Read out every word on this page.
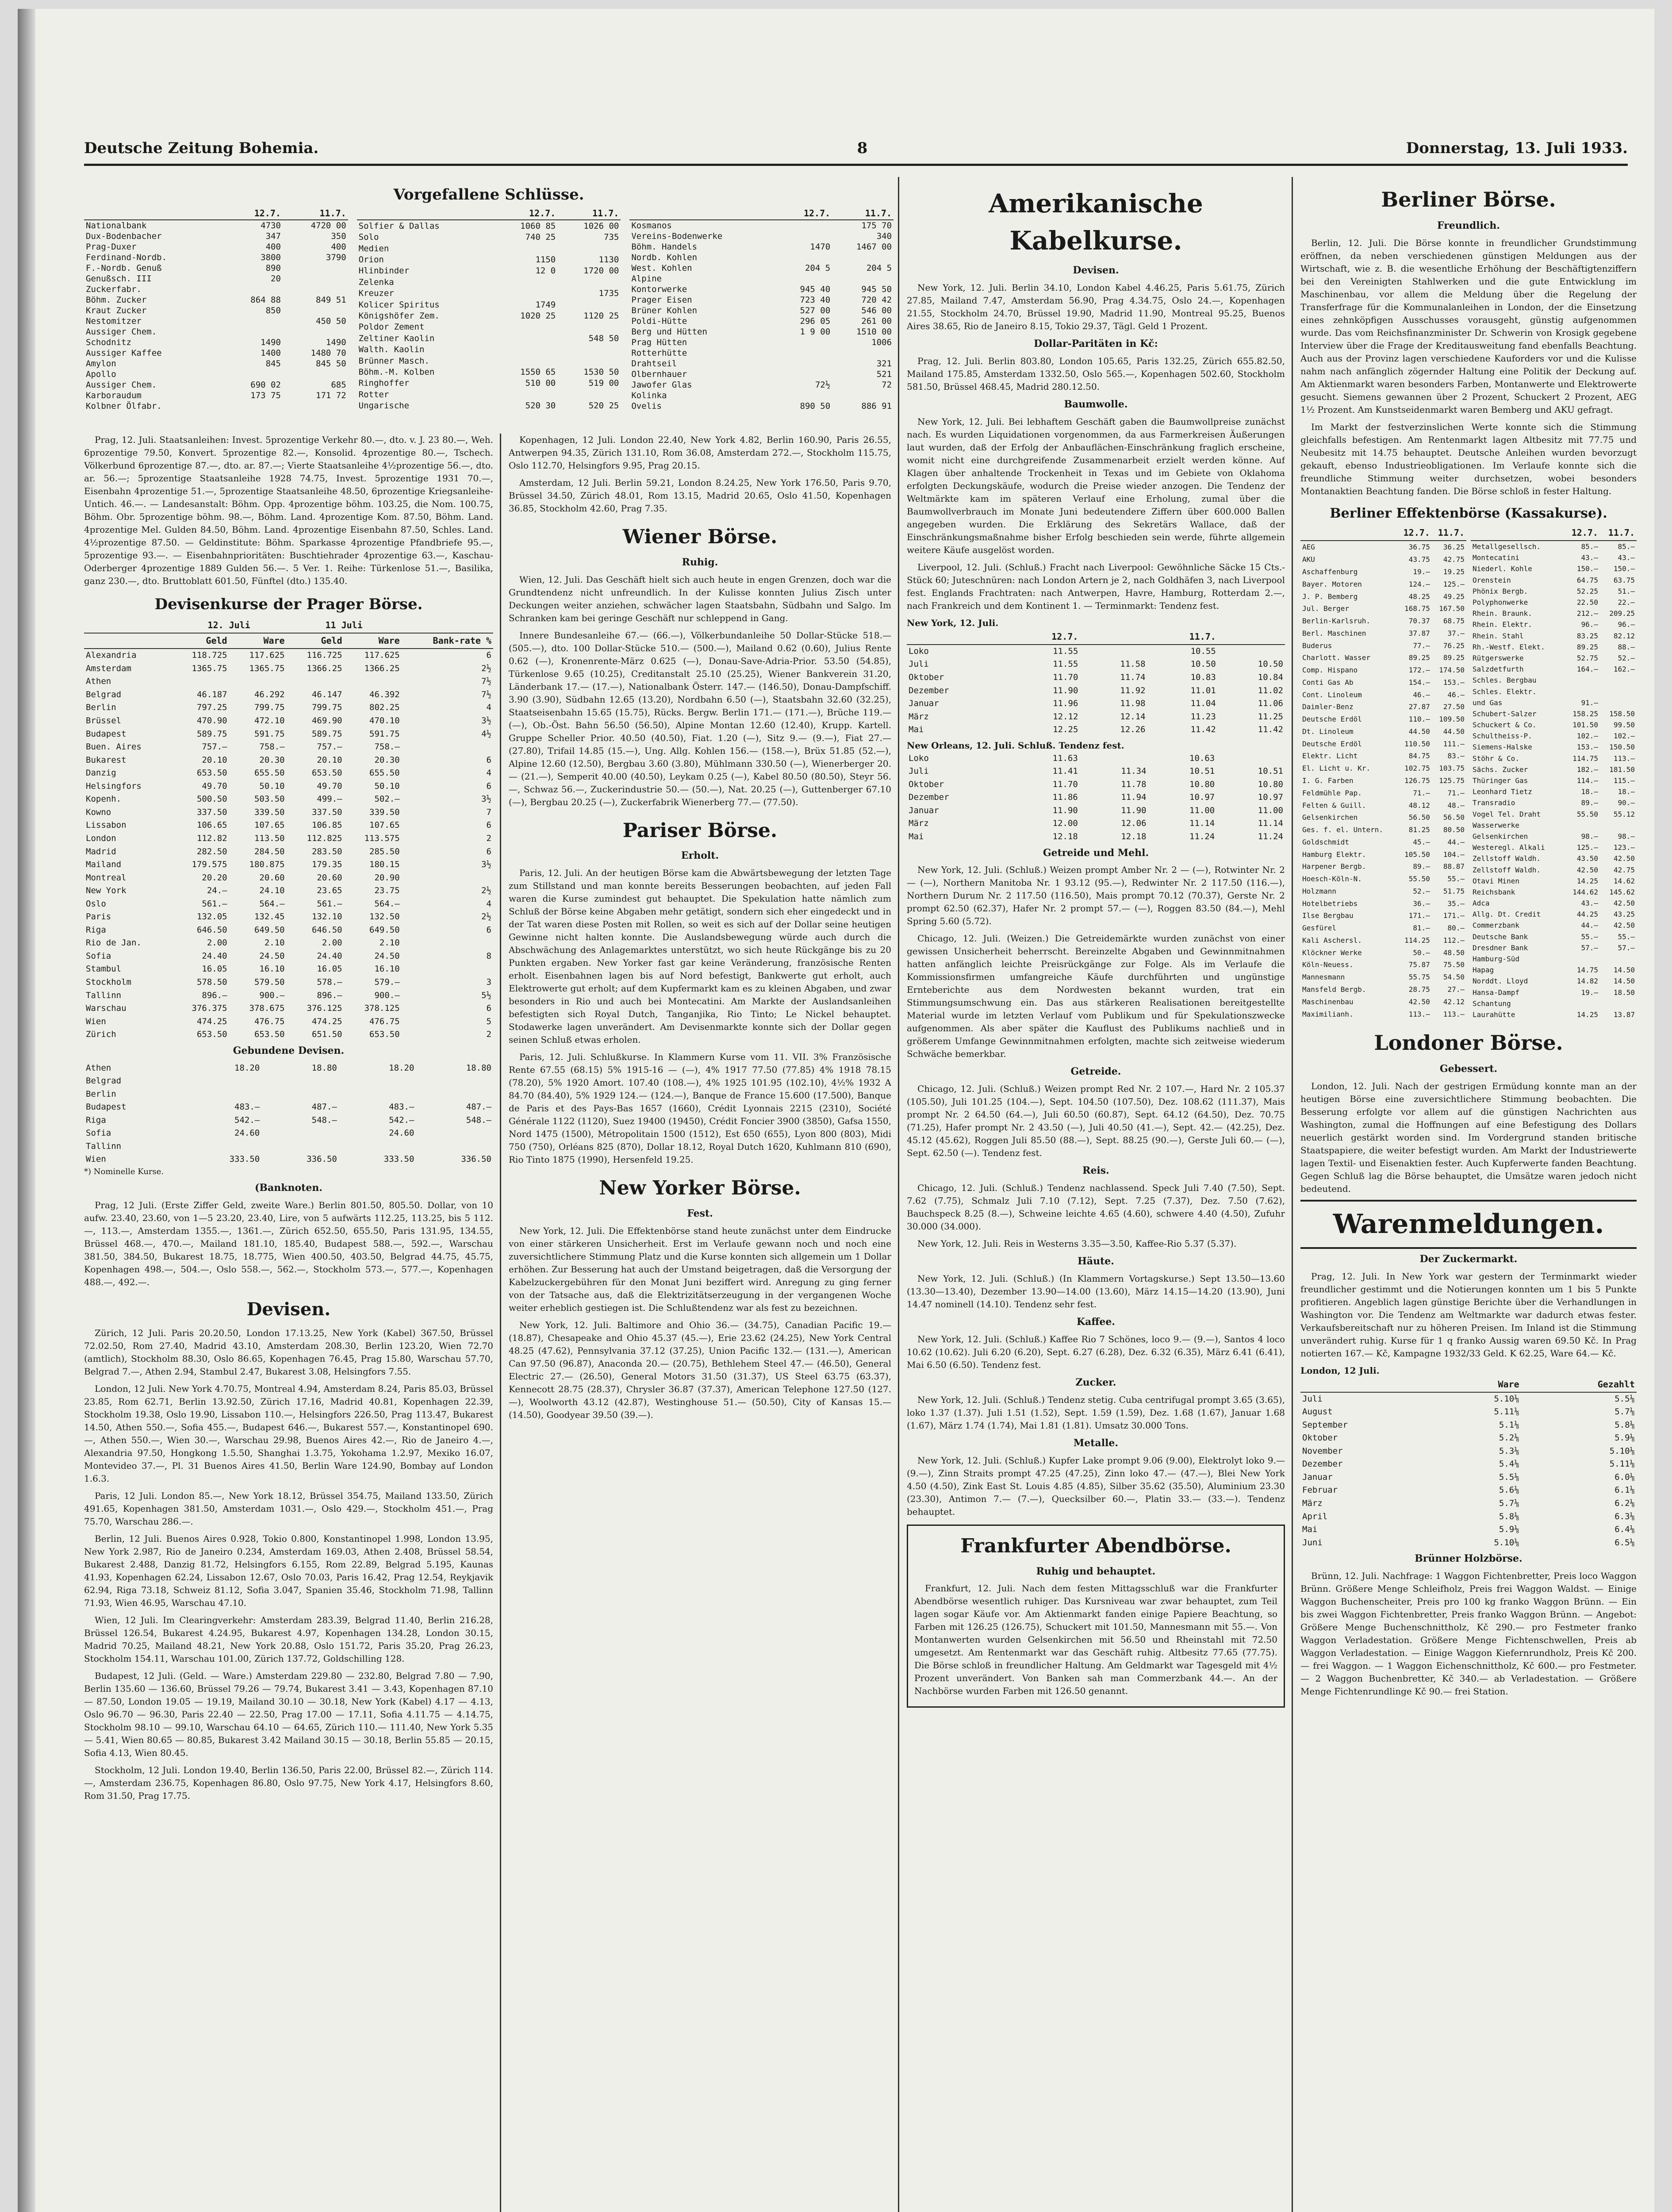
Deutsche Zeitung Bohemia.	8	Donnerstag, 13. Juli 1933.
Vorgefallene Schlüsse.
	12.7.	11.7.
Nationalbank	4730	4720 00
Dux-Bodenbacher	347	350
Prag-Duxer	400	400
Ferdinand-Nordb.	3800	3790
F.-Nordb. Genuß	890	
Genußsch. III	20	
Zuckerfabr.		
Böhm. Zucker	864 88	849 51
Kraut Zucker	850	
Nestomitzer		450 50
Aussiger Chem.		
Schodnitz	1490	1490
Aussiger Kaffee	1400	1480 70
Amylon	845	845 50
Apollo		
Aussiger Chem.	690 02	685
Karboraudum	173 75	171 72
Kolbner Ölfabr.		
	12.7.	11.7.
Solfier & Dallas	1060 85	1026 00
Solo	740 25	735
Medien		
Orion	1150	1130
Hlinbinder	12 0	1720 00
Zelenka		
Kreuzer		1735
Kolicer Spiritus	1749	
Königshöfer Zem.	1020 25	1120 25
Poldor Zement		
Zeltiner Kaolin		548 50
Walth. Kaolin		
Brünner Masch.		
Böhm.-M. Kolben	1550 65	1530 50
Ringhoffer	510 00	519 00
Rotter		
Ungarische	520 30	520 25
	12.7.	11.7.
Kosmanos		175 70
Vereins-Bodenwerke		340
Böhm. Handels	1470	1467 00
Nordb. Kohlen		
West. Kohlen	204 5	204 5
Alpine		
Kontorwerke	945 40	945 50
Prager Eisen	723 40	720 42
Brüner Kohlen	527 00	546 00
Poldi-Hütte	296 05	261 00
Berg und Hütten	1 9 00	1510 00
Prag Hütten		1006
Rotterhütte		
Drahtseil		321
Olbernhauer		521
Jawofer Glas	72½	72
Kolinka		
Ovelis	890 50	886 91

Prag, 12. Juli. Staatsanleihen: Invest. 5prozentige Verkehr 80.—, dto. v. J. 23 80.—, Weh. 6prozentige 79.50, Konvert. 5prozentige 82.—, Konsolid. 4prozentige 80.—, Tschech. Völkerbund 6prozentige 87.—, dto. ar. 87.—; Vierte Staatsanleihe 4½prozentige 56.—, dto. ar. 56.—; 5prozentige Staatsanleihe 1928 74.75, Invest. 5prozentige 1931 70.—, Eisenbahn 4prozentige 51.—, 5prozentige Staatsanleihe 48.50, 6prozentige Kriegsanleihe-Untich. 46.—. — Landesanstalt: Böhm. Opp. 4prozentige böhm. 103.25, die Nom. 100.75, Böhm. Obr. 5prozentige böhm. 98.—, Böhm. Land. 4prozentige Kom. 87.50, Böhm. Land. 4prozentige Mel. Gulden 84.50, Böhm. Land. 4prozentige Eisenbahn 87.50, Schles. Land. 4½prozentige 87.50. — Geldinstitute: Böhm. Sparkasse 4prozentige Pfandbriefe 95.—, 5prozentige 93.—. — Eisenbahnprioritäten: Buschtiehrader 4prozentige 63.—, Kaschau-Oderberger 4prozentige 1889 Gulden 56.—. 5 Ver. 1. Reihe: Türkenlose 51.—, Basilika, ganz 230.—, dto. Bruttoblatt 601.50, Fünftel (dto.) 135.40.

Devisenkurse der Prager Börse.
	12. Juli		11 Juli		
	Geld	Ware	Geld	Ware	Bank-rate %
Alexandria	118.725	117.625	116.725	117.625	6
Amsterdam	1365.75	1365.75	1366.25	1366.25	2½
Athen					7½
Belgrad	46.187	46.292	46.147	46.392	7½
Berlin	797.25	799.75	799.75	802.25	4
Brüssel	470.90	472.10	469.90	470.10	3½
Budapest	589.75	591.75	589.75	591.75	4½
Buen. Aires	757.—	758.—	757.—	758.—	
Bukarest	20.10	20.30	20.10	20.30	6
Danzig	653.50	655.50	653.50	655.50	4
Helsingfors	49.70	50.10	49.70	50.10	6
Kopenh.	500.50	503.50	499.—	502.—	3½
Kowno	337.50	339.50	337.50	339.50	7
Lissabon	106.65	107.65	106.85	107.65	6
London	112.82	113.50	112.825	113.575	2
Madrid	282.50	284.50	283.50	285.50	6
Mailand	179.575	180.875	179.35	180.15	3½
Montreal	20.20	20.60	20.60	20.90	
New York	24.—	24.10	23.65	23.75	2½
Oslo	561.—	564.—	561.—	564.—	4
Paris	132.05	132.45	132.10	132.50	2½
Riga	646.50	649.50	646.50	649.50	6
Rio de Jan.	2.00	2.10	2.00	2.10	
Sofia	24.40	24.50	24.40	24.50	8
Stambul	16.05	16.10	16.05	16.10	
Stockholm	578.50	579.50	578.—	579.—	3
Tallinn	896.—	900.—	896.—	900.—	5½
Warschau	376.375	378.675	376.125	378.125	6
Wien	474.25	476.75	474.25	476.75	5
Zürich	653.50	653.50	651.50	653.50	2
Gebundene Devisen.
Athen	18.20	18.80	18.20	18.80
Belgrad				
Berlin				
Budapest	483.—	487.—	483.—	487.—
Riga	542.—	548.—	542.—	548.—
Sofia	24.60		24.60	
Tallinn				
Wien	333.50	336.50	333.50	336.50
*) Nominelle Kurse.
(Banknoten.

Prag, 12 Juli. (Erste Ziffer Geld, zweite Ware.) Berlin 801.50, 805.50. Dollar, von 10 aufw. 23.40, 23.60, von 1—5 23.20, 23.40, Lire, von 5 aufwärts 112.25, 113.25, bis 5 112.—, 113.—, Amsterdam 1355.—, 1361.—, Zürich 652.50, 655.50, Paris 131.95, 134.55, Brüssel 468.—, 470.—, Mailand 181.10, 185.40, Budapest 588.—, 592.—, Warschau 381.50, 384.50, Bukarest 18.75, 18.775, Wien 400.50, 403.50, Belgrad 44.75, 45.75, Kopenhagen 498.—, 504.—, Oslo 558.—, 562.—, Stockholm 573.—, 577.—, Kopenhagen 488.—, 492.—.

Devisen.

Zürich, 12 Juli. Paris 20.20.50, London 17.13.25, New York (Kabel) 367.50, Brüssel 72.02.50, Rom 27.40, Madrid 43.10, Amsterdam 208.30, Berlin 123.20, Wien 72.70 (amtlich), Stockholm 88.30, Oslo 86.65, Kopenhagen 76.45, Prag 15.80, Warschau 57.70, Belgrad 7.—, Athen 2.94, Stambul 2.47, Bukarest 3.08, Helsingfors 7.55.

London, 12 Juli. New York 4.70.75, Montreal 4.94, Amsterdam 8.24, Paris 85.03, Brüssel 23.85, Rom 62.71, Berlin 13.92.50, Zürich 17.16, Madrid 40.81, Kopenhagen 22.39, Stockholm 19.38, Oslo 19.90, Lissabon 110.—, Helsingfors 226.50, Prag 113.47, Bukarest 14.50, Athen 550.—, Sofia 455.—, Budapest 646.—, Bukarest 557.—, Konstantinopel 690.—, Athen 550.—, Wien 30.—, Warschau 29.98, Buenos Aires 42.—, Rio de Janeiro 4.—, Alexandria 97.50, Hongkong 1.5.50, Shanghai 1.3.75, Yokohama 1.2.97, Mexiko 16.07, Montevideo 37.—, Pl. 31 Buenos Aires 41.50, Berlin Ware 124.90, Bombay auf London 1.6.3.

Paris, 12 Juli. London 85.—, New York 18.12, Brüssel 354.75, Mailand 133.50, Zürich 491.65, Kopenhagen 381.50, Amsterdam 1031.—, Oslo 429.—, Stockholm 451.—, Prag 75.70, Warschau 286.—.

Berlin, 12 Juli. Buenos Aires 0.928, Tokio 0.800, Konstantinopel 1.998, London 13.95, New York 2.987, Rio de Janeiro 0.234, Amsterdam 169.03, Athen 2.408, Brüssel 58.54, Bukarest 2.488, Danzig 81.72, Helsingfors 6.155, Rom 22.89, Belgrad 5.195, Kaunas 41.93, Kopenhagen 62.24, Lissabon 12.67, Oslo 70.03, Paris 16.42, Prag 12.54, Reykjavik 62.94, Riga 73.18, Schweiz 81.12, Sofia 3.047, Spanien 35.46, Stockholm 71.98, Tallinn 71.93, Wien 46.95, Warschau 47.10.

Wien, 12 Juli. Im Clearingverkehr: Amsterdam 283.39, Belgrad 11.40, Berlin 216.28, Brüssel 126.54, Bukarest 4.24.95, Bukarest 4.97, Kopenhagen 134.28, London 30.15, Madrid 70.25, Mailand 48.21, New York 20.88, Oslo 151.72, Paris 35.20, Prag 26.23, Stockholm 154.11, Warschau 101.00, Zürich 137.72, Goldschilling 128.

Budapest, 12 Juli. (Geld. — Ware.) Amsterdam 229.80 — 232.80, Belgrad 7.80 — 7.90, Berlin 135.60 — 136.60, Brüssel 79.26 — 79.74, Bukarest 3.41 — 3.43, Kopenhagen 87.10 — 87.50, London 19.05 — 19.19, Mailand 30.10 — 30.18, New York (Kabel) 4.17 — 4.13, Oslo 96.70 — 96.30, Paris 22.40 — 22.50, Prag 17.00 — 17.11, Sofia 4.11.75 — 4.14.75, Stockholm 98.10 — 99.10, Warschau 64.10 — 64.65, Zürich 110.— 111.40, New York 5.35 — 5.41, Wien 80.65 — 80.85, Bukarest 3.42 Mailand 30.15 — 30.18, Berlin 55.85 — 20.15, Sofia 4.13, Wien 80.45.

Stockholm, 12 Juli. London 19.40, Berlin 136.50, Paris 22.00, Brüssel 82.—, Zürich 114.—, Amsterdam 236.75, Kopenhagen 86.80, Oslo 97.75, New York 4.17, Helsingfors 8.60, Rom 31.50, Prag 17.75.

Kopenhagen, 12 Juli. London 22.40, New York 4.82, Berlin 160.90, Paris 26.55, Antwerpen 94.35, Zürich 131.10, Rom 36.08, Amsterdam 272.—, Stockholm 115.75, Oslo 112.70, Helsingfors 9.95, Prag 20.15.

Amsterdam, 12 Juli. Berlin 59.21, London 8.24.25, New York 176.50, Paris 9.70, Brüssel 34.50, Zürich 48.01, Rom 13.15, Madrid 20.65, Oslo 41.50, Kopenhagen 36.85, Stockholm 42.60, Prag 7.35.

Wiener Börse.
Ruhig.

Wien, 12. Juli. Das Geschäft hielt sich auch heute in engen Grenzen, doch war die Grundtendenz nicht unfreundlich. In der Kulisse konnten Julius Zisch unter Deckungen weiter anziehen, schwächer lagen Staatsbahn, Südbahn und Salgo. Im Schranken kam bei geringe Geschäft nur schleppend in Gang.

Innere Bundesanleihe 67.— (66.—), Völkerbundanleihe 50 Dollar-Stücke 518.— (505.—), dto. 100 Dollar-Stücke 510.— (500.—), Mailand 0.62 (0.60), Julius Rente 0.62 (—), Kronenrente-März 0.625 (—), Donau-Save-Adria-Prior. 53.50 (54.85), Türkenlose 9.65 (10.25), Creditanstalt 25.10 (25.25), Wiener Bankverein 31.20, Länderbank 17.— (17.—), Nationalbank Österr. 147.— (146.50), Donau-Dampfschiff. 3.90 (3.90), Südbahn 12.65 (13.20), Nordbahn 6.50 (—), Staatsbahn 32.60 (32.25), Staatseisenbahn 15.65 (15.75), Rücks. Bergw. Berlin 171.— (171.—), Brüche 119.— (—), Ob.-Öst. Bahn 56.50 (56.50), Alpine Montan 12.60 (12.40), Krupp. Kartell. Gruppe Scheller Prior. 40.50 (40.50), Fiat. 1.20 (—), Sitz 9.— (9.—), Fiat 27.— (27.80), Trifail 14.85 (15.—), Ung. Allg. Kohlen 156.— (158.—), Brüx 51.85 (52.—), Alpine 12.60 (12.50), Bergbau 3.60 (3.80), Mühlmann 330.50 (—), Wienerberger 20.— (21.—), Semperit 40.00 (40.50), Leykam 0.25 (—), Kabel 80.50 (80.50), Steyr 56.—, Schwaz 56.—, Zuckerindustrie 50.— (50.—), Nat. 20.25 (—), Guttenberger 67.10 (—), Bergbau 20.25 (—), Zuckerfabrik Wienerberg 77.— (77.50).

Pariser Börse.
Erholt.

Paris, 12. Juli. An der heutigen Börse kam die Abwärtsbewegung der letzten Tage zum Stillstand und man konnte bereits Besserungen beobachten, auf jeden Fall waren die Kurse zumindest gut behauptet. Die Spekulation hatte nämlich zum Schluß der Börse keine Abgaben mehr getätigt, sondern sich eher eingedeckt und in der Tat waren diese Posten mit Rollen, so weit es sich auf der Dollar seine heutigen Gewinne nicht halten konnte. Die Auslandsbewegung würde auch durch die Abschwächung des Anlagemarktes unterstützt, wo sich heute Rückgänge bis zu 20 Punkten ergaben. New Yorker fast gar keine Veränderung, französische Renten erholt. Eisenbahnen lagen bis auf Nord befestigt, Bankwerte gut erholt, auch Elektrowerte gut erholt; auf dem Kupfermarkt kam es zu kleinen Abgaben, und zwar besonders in Rio und auch bei Montecatini. Am Markte der Auslandsanleihen befestigten sich Royal Dutch, Tanganjika, Rio Tinto; Le Nickel behauptet. Stodawerke lagen unverändert. Am Devisenmarkte konnte sich der Dollar gegen seinen Schluß etwas erholen.

Paris, 12. Juli. Schlußkurse. In Klammern Kurse vom 11. VII. 3% Französische Rente 67.55 (68.15) 5% 1915-16 — (—), 4% 1917 77.50 (77.85) 4% 1918 78.15 (78.20), 5% 1920 Amort. 107.40 (108.—), 4% 1925 101.95 (102.10), 4½% 1932 A 84.70 (84.40), 5% 1929 124.— (124.—), Banque de France 15.600 (17.500), Banque de Paris et des Pays-Bas 1657 (1660), Crédit Lyonnais 2215 (2310), Société Générale 1122 (1120), Suez 19400 (19450), Crédit Foncier 3900 (3850), Gafsa 1550, Nord 1475 (1500), Métropolitain 1500 (1512), Est 650 (655), Lyon 800 (803), Midi 750 (750), Orléans 825 (870), Dollar 18.12, Royal Dutch 1620, Kuhlmann 810 (690), Rio Tinto 1875 (1990), Hersenfeld 19.25.

New Yorker Börse.
Fest.

New York, 12. Juli. Die Effektenbörse stand heute zunächst unter dem Eindrucke von einer stärkeren Unsicherheit. Erst im Verlaufe gewann noch und noch eine zuversichtlichere Stimmung Platz und die Kurse konnten sich allgemein um 1 Dollar erhöhen. Zur Besserung hat auch der Umstand beigetragen, daß die Versorgung der Kabelzuckergebühren für den Monat Juni beziffert wird. Anregung zu ging ferner von der Tatsache aus, daß die Elektrizitätserzeugung in der vergangenen Woche weiter erheblich gestiegen ist. Die Schlußtendenz war als fest zu bezeichnen.

New York, 12. Juli. Baltimore and Ohio 36.— (34.75), Canadian Pacific 19.— (18.87), Chesapeake and Ohio 45.37 (45.—), Erie 23.62 (24.25), New York Central 48.25 (47.62), Pennsylvania 37.12 (37.25), Union Pacific 132.— (131.—), American Can 97.50 (96.87), Anaconda 20.— (20.75), Bethlehem Steel 47.— (46.50), General Electric 27.— (26.50), General Motors 31.50 (31.37), US Steel 63.75 (63.37), Kennecott 28.75 (28.37), Chrysler 36.87 (37.37), American Telephone 127.50 (127.—), Woolworth 43.12 (42.87), Westinghouse 51.— (50.50), City of Kansas 15.— (14.50), Goodyear 39.50 (39.—).

Amerikanische Kabelkurse.
Devisen.

New York, 12. Juli. Berlin 34.10, London Kabel 4.46.25, Paris 5.61.75, Zürich 27.85, Mailand 7.47, Amsterdam 56.90, Prag 4.34.75, Oslo 24.—, Kopenhagen 21.55, Stockholm 24.70, Brüssel 19.90, Madrid 11.90, Montreal 95.25, Buenos Aires 38.65, Rio de Janeiro 8.15, Tokio 29.37, Tägl. Geld 1 Prozent.

Dollar-Paritäten in Kč:

Prag, 12. Juli. Berlin 803.80, London 105.65, Paris 132.25, Zürich 655.82.50, Mailand 175.85, Amsterdam 1332.50, Oslo 565.—, Kopenhagen 502.60, Stockholm 581.50, Brüssel 468.45, Madrid 280.12.50.

Baumwolle.

New York, 12. Juli. Bei lebhaftem Geschäft gaben die Baumwollpreise zunächst nach. Es wurden Liquidationen vorgenommen, da aus Farmerkreisen Äußerungen laut wurden, daß der Erfolg der Anbauflächen-Einschränkung fraglich erscheine, womit nicht eine durchgreifende Zusammenarbeit erzielt werden könne. Auf Klagen über anhaltende Trockenheit in Texas und im Gebiete von Oklahoma erfolgten Deckungskäufe, wodurch die Preise wieder anzogen. Die Tendenz der Weltmärkte kam im späteren Verlauf eine Erholung, zumal über die Baumwollverbrauch im Monate Juni bedeutendere Ziffern über 600.000 Ballen angegeben wurden. Die Erklärung des Sekretärs Wallace, daß der Einschränkungsmaßnahme bisher Erfolg beschieden sein werde, führte allgemein weitere Käufe ausgelöst worden.

Liverpool, 12. Juli. (Schluß.) Fracht nach Liverpool: Gewöhnliche Säcke 15 Cts.-Stück 60; Juteschnüren: nach London Artern je 2, nach Goldhäfen 3, nach Liverpool fest. Englands Frachtraten: nach Antwerpen, Havre, Hamburg, Rotterdam 2.—, nach Frankreich und dem Kontinent 1. — Terminmarkt: Tendenz fest.

New York, 12. Juli.
	12.7.		11.7.	
Loko	11.55		10.55	
Juli	11.55	11.58	10.50	10.50
Oktober	11.70	11.74	10.83	10.84
Dezember	11.90	11.92	11.01	11.02
Januar	11.96	11.98	11.04	11.06
März	12.12	12.14	11.23	11.25
Mai	12.25	12.26	11.42	11.42
New Orleans, 12. Juli. Schluß. Tendenz fest.
Loko	11.63		10.63	
Juli	11.41	11.34	10.51	10.51
Oktober	11.70	11.78	10.80	10.80
Dezember	11.86	11.94	10.97	10.97
Januar	11.90	11.90	11.00	11.00
März	12.00	12.06	11.14	11.14
Mai	12.18	12.18	11.24	11.24
Getreide und Mehl.

New York, 12. Juli. (Schluß.) Weizen prompt Amber Nr. 2 — (—), Rotwinter Nr. 2 — (—), Northern Manitoba Nr. 1 93.12 (95.—), Redwinter Nr. 2 117.50 (116.—), Northern Durum Nr. 2 117.50 (116.50), Mais prompt 70.12 (70.37), Gerste Nr. 2 prompt 62.50 (62.37), Hafer Nr. 2 prompt 57.— (—), Roggen 83.50 (84.—), Mehl Spring 5.60 (5.72).

Chicago, 12. Juli. (Weizen.) Die Getreidemärkte wurden zunächst von einer gewissen Unsicherheit beherrscht. Bereinzelte Abgaben und Gewinnmitnahmen hatten anfänglich leichte Preisrückgänge zur Folge. Als im Verlaufe die Kommissionsfirmen umfangreiche Käufe durchführten und ungünstige Ernteberichte aus dem Nordwesten bekannt wurden, trat ein Stimmungsumschwung ein. Das aus stärkeren Realisationen bereitgestellte Material wurde im letzten Verlauf vom Publikum und für Spekulationszwecke aufgenommen. Als aber später die Kauflust des Publikums nachließ und in größerem Umfange Gewinnmitnahmen erfolgten, machte sich zeitweise wiederum Schwäche bemerkbar.

Getreide.

Chicago, 12. Juli. (Schluß.) Weizen prompt Red Nr. 2 107.—, Hard Nr. 2 105.37 (105.50), Juli 101.25 (104.—), Sept. 104.50 (107.50), Dez. 108.62 (111.37), Mais prompt Nr. 2 64.50 (64.—), Juli 60.50 (60.87), Sept. 64.12 (64.50), Dez. 70.75 (71.25), Hafer prompt Nr. 2 43.50 (—), Juli 40.50 (41.—), Sept. 42.— (42.25), Dez. 45.12 (45.62), Roggen Juli 85.50 (88.—), Sept. 88.25 (90.—), Gerste Juli 60.— (—), Sept. 62.50 (—). Tendenz fest.

Reis.

Chicago, 12. Juli. (Schluß.) Tendenz nachlassend. Speck Juli 7.40 (7.50), Sept. 7.62 (7.75), Schmalz Juli 7.10 (7.12), Sept. 7.25 (7.37), Dez. 7.50 (7.62), Bauchspeck 8.25 (8.—), Schweine leichte 4.65 (4.60), schwere 4.40 (4.50), Zufuhr 30.000 (34.000).

New York, 12. Juli. Reis in Westerns 3.35—3.50, Kaffee-Rio 5.37 (5.37).

Häute.

New York, 12. Juli. (Schluß.) (In Klammern Vortagskurse.) Sept 13.50—13.60 (13.30—13.40), Dezember 13.90—14.00 (13.60), März 14.15—14.20 (13.90), Juni 14.47 nominell (14.10). Tendenz sehr fest.

Kaffee.

New York, 12. Juli. (Schluß.) Kaffee Rio 7 Schönes, loco 9.— (9.—), Santos 4 loco 10.62 (10.62). Juli 6.20 (6.20), Sept. 6.27 (6.28), Dez. 6.32 (6.35), März 6.41 (6.41), Mai 6.50 (6.50). Tendenz fest.

Zucker.

New York, 12. Juli. (Schluß.) Tendenz stetig. Cuba centrifugal prompt 3.65 (3.65), loko 1.37 (1.37). Juli 1.51 (1.52), Sept. 1.59 (1.59), Dez. 1.68 (1.67), Januar 1.68 (1.67), März 1.74 (1.74), Mai 1.81 (1.81). Umsatz 30.000 Tons.

Metalle.

New York, 12. Juli. (Schluß.) Kupfer Lake prompt 9.06 (9.00), Elektrolyt loko 9.— (9.—), Zinn Straits prompt 47.25 (47.25), Zinn loko 47.— (47.—), Blei New York 4.50 (4.50), Zink East St. Louis 4.85 (4.85), Silber 35.62 (35.50), Aluminium 23.30 (23.30), Antimon 7.— (7.—), Quecksilber 60.—, Platin 33.— (33.—). Tendenz behauptet.

Frankfurter Abendbörse.
Ruhig und behauptet.

Frankfurt, 12. Juli. Nach dem festen Mittagsschluß war die Frankfurter Abendbörse wesentlich ruhiger. Das Kursniveau war zwar behauptet, zum Teil lagen sogar Käufe vor. Am Aktienmarkt fanden einige Papiere Beachtung, so Farben mit 126.25 (126.75), Schuckert mit 101.50, Mannesmann mit 55.—. Von Montanwerten wurden Gelsenkirchen mit 56.50 und Rheinstahl mit 72.50 umgesetzt. Am Rentenmarkt war das Geschäft ruhig. Altbesitz 77.65 (77.75). Die Börse schloß in freundlicher Haltung. Am Geldmarkt war Tagesgeld mit 4½ Prozent unverändert. Von Banken sah man Commerzbank 44.—. An der Nachbörse wurden Farben mit 126.50 genannt.

Berliner Börse.
Freundlich.

Berlin, 12. Juli. Die Börse konnte in freundlicher Grundstimmung eröffnen, da neben verschiedenen günstigen Meldungen aus der Wirtschaft, wie z. B. die wesentliche Erhöhung der Beschäftigtenziffern bei den Vereinigten Stahlwerken und die gute Entwicklung im Maschinenbau, vor allem die Meldung über die Regelung der Transferfrage für die Kommunalanleihen in London, der die Einsetzung eines zehnköpfigen Ausschusses vorausgeht, günstig aufgenommen wurde. Das vom Reichsfinanzminister Dr. Schwerin von Krosigk gegebene Interview über die Frage der Kreditausweitung fand ebenfalls Beachtung. Auch aus der Provinz lagen verschiedene Kauforders vor und die Kulisse nahm nach anfänglich zögernder Haltung eine Politik der Deckung auf. Am Aktienmarkt waren besonders Farben, Montanwerte und Elektrowerte gesucht. Siemens gewannen über 2 Prozent, Schuckert 2 Prozent, AEG 1½ Prozent. Am Kunstseidenmarkt waren Bemberg und AKU gefragt.

Im Markt der festverzinslichen Werte konnte sich die Stimmung gleichfalls befestigen. Am Rentenmarkt lagen Altbesitz mit 77.75 und Neubesitz mit 14.75 behauptet. Deutsche Anleihen wurden bevorzugt gekauft, ebenso Industrieobligationen. Im Verlaufe konnte sich die freundliche Stimmung weiter durchsetzen, wobei besonders Montanaktien Beachtung fanden. Die Börse schloß in fester Haltung.

Berliner Effektenbörse (Kassakurse).
	12.7.	11.7.
AEG	36.75	36.25
AKU	43.75	42.75
Aschaffenburg	19.—	19.25
Bayer. Motoren	124.—	125.—
J. P. Bemberg	48.25	49.25
Jul. Berger	168.75	167.50
Berlin-Karlsruh.	70.37	68.75
Berl. Maschinen	37.87	37.—
Buderus	77.—	76.25
Charlott. Wasser	89.25	89.25
Comp. Hispano	172.—	174.50
Conti Gas Ab	154.—	153.—
Cont. Linoleum	46.—	46.—
Daimler-Benz	27.87	27.50
Deutsche Erdöl	110.—	109.50
Dt. Linoleum	44.50	44.50
Deutsche Erdöl	110.50	111.—
Elektr. Licht	84.75	83.—
El. Licht u. Kr.	102.75	103.75
I. G. Farben	126.75	125.75
Feldmühle Pap.	71.—	71.—
Felten & Guill.	48.12	48.—
Gelsenkirchen	56.50	56.50
Ges. f. el. Untern.	81.25	80.50
Goldschmidt	45.—	44.—
Hamburg Elektr.	105.50	104.—
Harpener Bergb.	89.—	88.87
Hoesch-Köln-N.	55.50	55.—
Holzmann	52.—	51.75
Hotelbetriebs	36.—	35.—
Ilse Bergbau	171.—	171.—
Gesfürel	81.—	80.—
Kali Aschersl.	114.25	112.—
Klöckner Werke	50.—	48.50
Köln-Neuess.	75.87	75.50
Mannesmann	55.75	54.50
Mansfeld Bergb.	28.75	27.—
Maschinenbau	42.50	42.12
Maximilianh.	113.—	113.—
	12.7.	11.7.
Metallgesellsch.	85.—	85.—
Montecatini	43.—	43.—
Niederl. Kohle	150.—	150.—
Orenstein	64.75	63.75
Phönix Bergb.	52.25	51.—
Polyphonwerke	22.50	22.—
Rhein. Braunk.	212.—	209.25
Rhein. Elektr.	96.—	96.—
Rhein. Stahl	83.25	82.12
Rh.-Westf. Elekt.	89.25	88.—
Rütgerswerke	52.75	52.—
Salzdetfurth	164.—	162.—
Schles. Bergbau		
Schles. Elektr.		
und Gas	91.—	
Schubert-Salzer	158.25	158.50
Schuckert & Co.	101.50	99.50
Schultheiss-P.	102.—	102.—
Siemens-Halske	153.—	150.50
Stöhr & Co.	114.75	113.—
Sächs. Zucker	182.—	181.50
Thüringer Gas	114.—	115.—
Leonhard Tietz	18.—	18.—
Transradio	89.—	90.—
Vogel Tel. Draht	55.50	55.12
Wasserwerke		
Gelsenkirchen	98.—	98.—
Westeregl. Alkali	125.—	123.—
Zellstoff Waldh.	43.50	42.50
Zellstoff Waldh.	42.50	42.75
Otavi Minen	14.25	14.62
Reichsbank	144.62	145.62
Adca	43.—	42.50
Allg. Dt. Credit	44.25	43.25
Commerzbank	44.—	42.50
Deutsche Bank	55.—	55.—
Dresdner Bank	57.—	57.—
Hamburg-Süd		
Hapag	14.75	14.50
Norddt. Lloyd	14.82	14.50
Hansa-Dampf	19.—	18.50
Schantung		
Laurahütte	14.25	13.87
Londoner Börse.
Gebessert.

London, 12. Juli. Nach der gestrigen Ermüdung konnte man an der heutigen Börse eine zuversichtlichere Stimmung beobachten. Die Besserung erfolgte vor allem auf die günstigen Nachrichten aus Washington, zumal die Hoffnungen auf eine Befestigung des Dollars neuerlich gestärkt worden sind. Im Vordergrund standen britische Staatspapiere, die weiter befestigt wurden. Am Markt der Industriewerte lagen Textil- und Eisenaktien fester. Auch Kupferwerte fanden Beachtung. Gegen Schluß lag die Börse behauptet, die Umsätze waren jedoch nicht bedeutend.

Warenmeldungen.
Der Zuckermarkt.

Prag, 12. Juli. In New York war gestern der Terminmarkt wieder freundlicher gestimmt und die Notierungen konnten um 1 bis 5 Punkte profitieren. Angeblich lagen günstige Berichte über die Verhandlungen in Washington vor. Die Tendenz am Weltmarkte war dadurch etwas fester. Verkaufsbereitschaft nur zu höheren Preisen. Im Inland ist die Stimmung unverändert ruhig. Kurse für 1 q franko Aussig waren 69.50 Kč. In Prag notierten 167.— Kč, Kampagne 1932/33 Geld. K 62.25, Ware 64.— Kč.

London, 12 Juli.
	Ware	Gezahlt
Juli	5.10⅛	5.5⅛
August	5.11⅛	5.7⅛
September	5.1⅛	5.8⅛
Oktober	5.2⅛	5.9⅛
November	5.3⅛	5.10⅛
Dezember	5.4⅛	5.11⅛
Januar	5.5⅛	6.0⅛
Februar	5.6⅛	6.1⅛
März	5.7⅛	6.2⅛
April	5.8⅛	6.3⅛
Mai	5.9⅛	6.4⅛
Juni	5.10⅛	6.5⅛
Brünner Holzbörse.

Brünn, 12. Juli. Nachfrage: 1 Waggon Fichtenbretter, Preis loco Waggon Brünn. Größere Menge Schleifholz, Preis frei Waggon Waldst. — Einige Waggon Buchenscheiter, Preis pro 100 kg franko Waggon Brünn. — Ein bis zwei Waggon Fichtenbretter, Preis franko Waggon Brünn. — Angebot: Größere Menge Buchenschnittholz, Kč 290.— pro Festmeter franko Waggon Verladestation. Größere Menge Fichtenschwellen, Preis ab Waggon Verladestation. — Einige Waggon Kiefernrundholz, Preis Kč 200.— frei Waggon. — 1 Waggon Eichenschnittholz, Kč 600.— pro Festmeter. — 2 Waggon Buchenbretter, Kč 340.— ab Verladestation. — Größere Menge Fichtenrundlinge Kč 90.— frei Station.
